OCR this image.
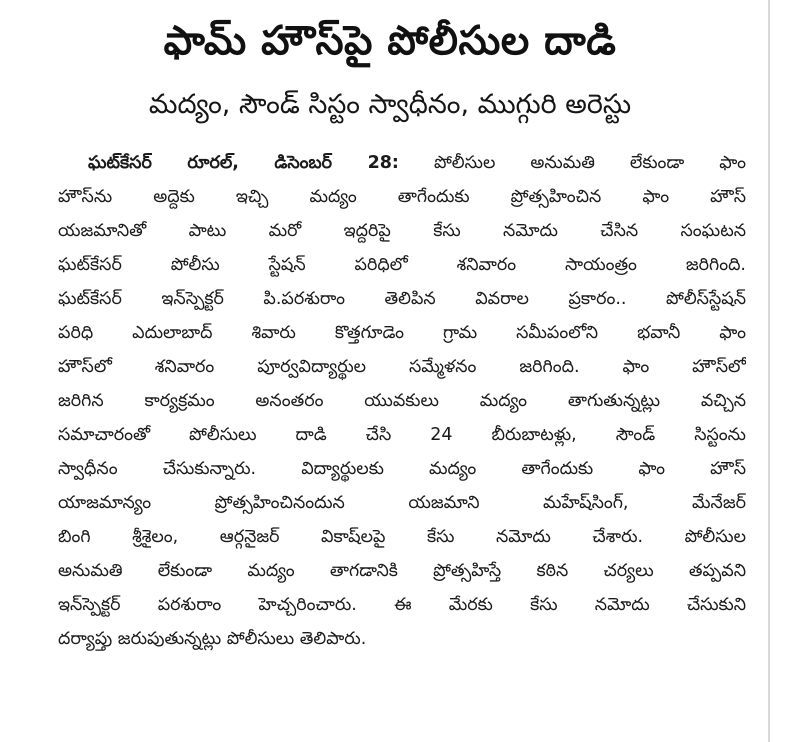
ఫామ్ హౌస్‌పై పోలీసుల దాడి
మద్యం, సౌండ్ సిస్టం స్వాధీనం, ముగ్గురి అరెస్టు
ఘట్‌కేసర్ రూరల్, డిసెంబర్ 28: పోలీసుల అనుమతి లేకుండా ఫాం
హౌస్‌ను అద్దెకు ఇచ్చి మద్యం తాగేందుకు ప్రోత్సహించిన ఫాం హౌస్
యజమానితో పాటు మరో ఇద్దరిపై కేసు నమోదు చేసిన సంఘటన
ఘట్‌కేసర్ పోలీసు స్టేషన్ పరిధిలో శనివారం సాయంత్రం జరిగింది.
ఘట్‌కేసర్ ఇన్‌స్పెక్టర్ పి.పరశురాం తెలిపిన వివరాల ప్రకారం.. పోలీస్‌స్టేషన్
పరిధి ఎదులాబాద్ శివారు కొత్తగూడెం గ్రామ సమీపంలోని భవానీ ఫాం
హౌస్‌లో శనివారం పూర్వవిద్యార్థుల సమ్మేళనం జరిగింది. ఫాం హౌస్‌లో
జరిగిన కార్యక్రమం అనంతరం యువకులు మద్యం తాగుతున్నట్లు వచ్చిన
సమాచారంతో పోలీసులు దాడి చేసి 24 బీరుబాటళ్లు, సౌండ్ సిస్టంను
స్వాధీనం చేసుకున్నారు. విద్యార్థులకు మద్యం తాగేందుకు ఫాం హౌస్
యాజమాన్యం ప్రోత్సహించినందున యజమాని మహేష్‌సింగ్, మేనేజర్
బింగి శ్రీశైలం, ఆర్గనైజర్ వికాష్‌లపై కేసు నమోదు చేశారు. పోలీసుల
అనుమతి లేకుండా మద్యం తాగడానికి ప్రోత్సహిస్తే కఠిన చర్యలు తప్పవని
ఇన్‌స్పెక్టర్ పరశురాం హెచ్చరించారు. ఈ మేరకు కేసు నమోదు చేసుకుని
దర్యాప్తు జరుపుతున్నట్లు పోలీసులు తెలిపారు.
